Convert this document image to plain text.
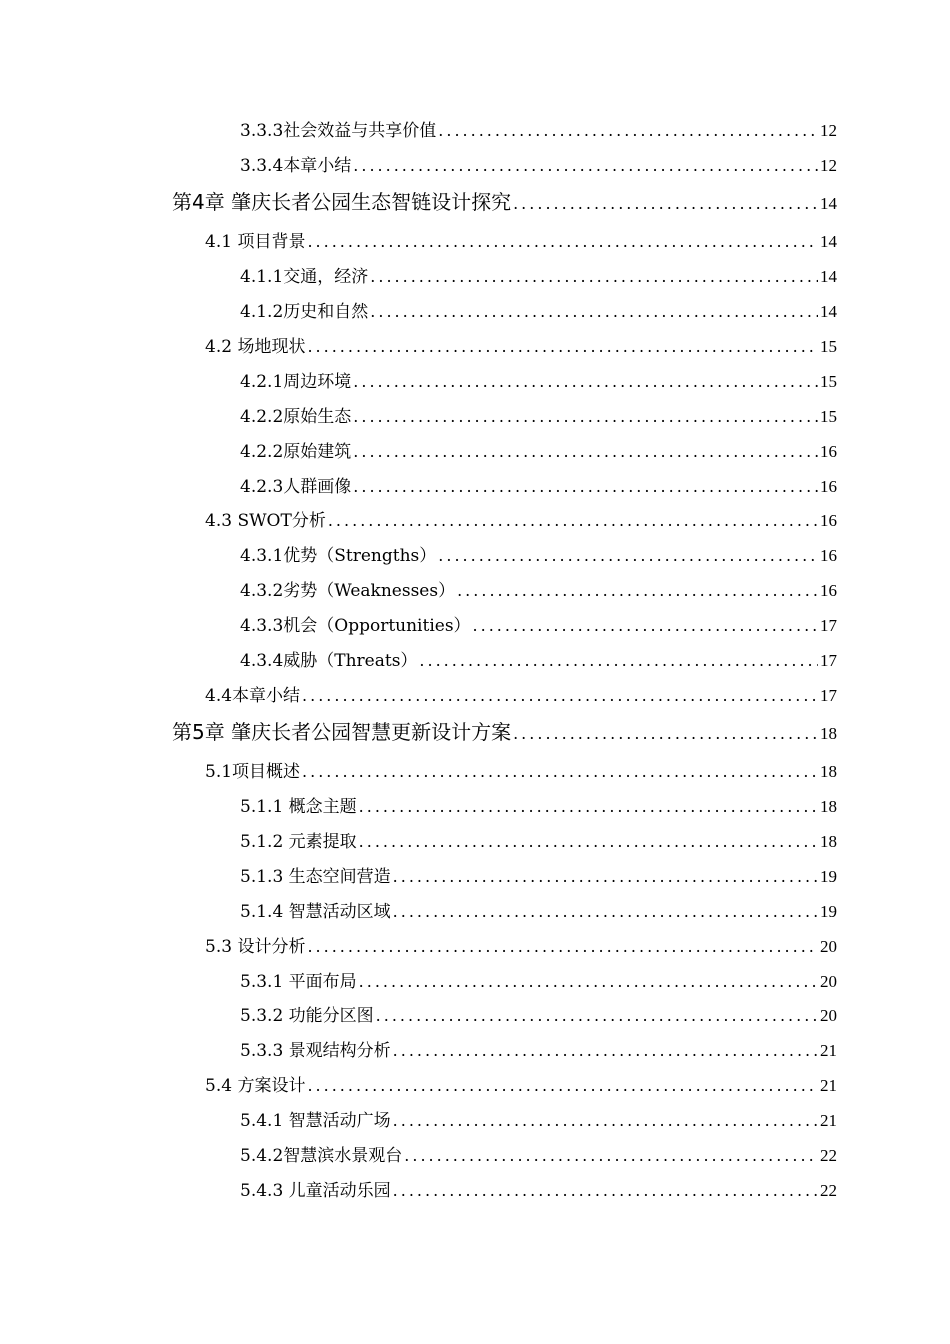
3.3.3社会效益与共享价值 .....	12
3.3.4本章小结 .....	12
第4章 肇庆长者公园生态智链设计探究 .....	14
4.1 项目背景 .....	14
4.1.1交通，经济 .....	14
4.1.2历史和自然 .....	14
4.2 场地现状 .....	15
4.2.1周边环境 .....	15
4.2.2原始生态 .....	15
4.2.2原始建筑 .....	16
4.2.3人群画像 .....	16
4.3 SWOT分析 .....	16
4.3.1优势（Strengths） .....	16
4.3.2劣势（Weaknesses） .....	16
4.3.3机会（Opportunities） .....	17
4.3.4威胁（Threats） .....	17
4.4本章小结 .....	17
第5章 肇庆长者公园智慧更新设计方案 .....	18
5.1项目概述 .....	18
5.1.1 概念主题 .....	18
5.1.2 元素提取 .....	18
5.1.3 生态空间营造 .....	19
5.1.4 智慧活动区域 .....	19
5.3 设计分析 .....	20
5.3.1 平面布局 .....	20
5.3.2 功能分区图 .....	20
5.3.3 景观结构分析 .....	21
5.4 方案设计 .....	21
5.4.1 智慧活动广场 .....	21
5.4.2智慧滨水景观台 .....	22
5.4.3 儿童活动乐园 .....	22
